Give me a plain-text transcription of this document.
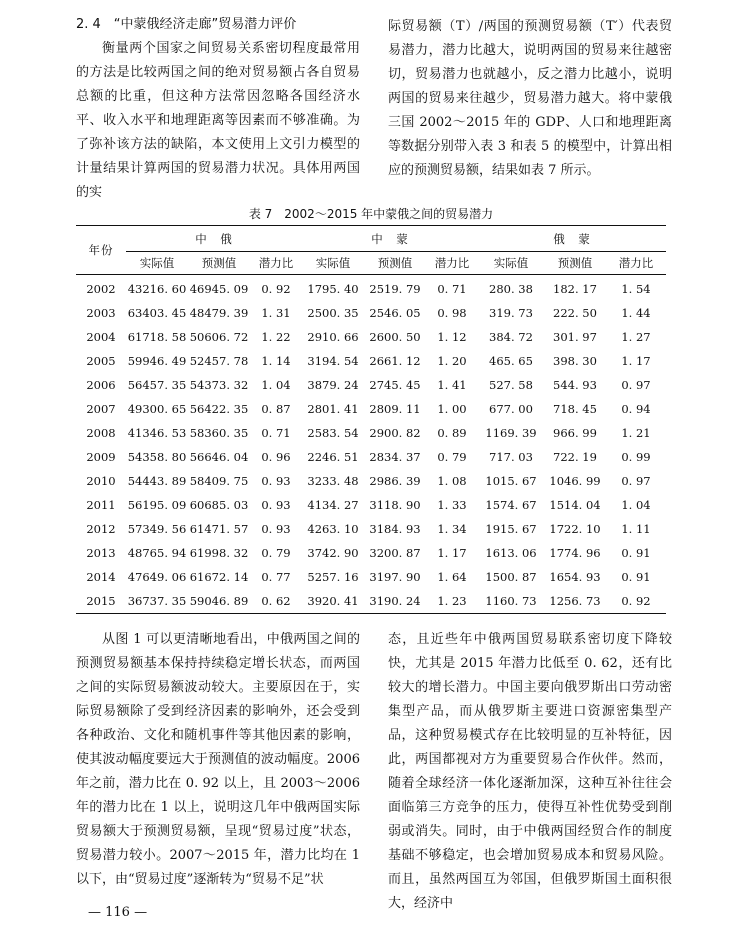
2. 4　“中蒙俄经济走廊”贸易潜力评价

衡量两个国家之间贸易关系密切程度最常用的方法是比较两国之间的绝对贸易额占各自贸易总额的比重，但这种方法常因忽略各国经济水平、收入水平和地理距离等因素而不够准确。为了弥补该方法的缺陷，本文使用上文引力模型的计量结果计算两国的贸易潜力状况。具体用两国的实

际贸易额（T）/两国的预测贸易额（T′）代表贸易潜力，潜力比越大，说明两国的贸易来往越密切，贸易潜力也就越小，反之潜力比越小，说明两国的贸易来往越少，贸易潜力越大。将中蒙俄三国 2002～2015 年的 GDP、人口和地理距离等数据分别带入表 3 和表 5 的模型中，计算出相应的预测贸易额，结果如表 7 所示。

表 7　2002～2015 年中蒙俄之间的贸易潜力
年份	中　俄			中　蒙			俄　蒙		
	实际值	预测值	潜力比	实际值	预测值	潜力比	实际值	预测值	潜力比
2002	43216. 60	46945. 09	0. 92	1795. 40	2519. 79	0. 71	280. 38	182. 17	1. 54
2003	63403. 45	48479. 39	1. 31	2500. 35	2546. 05	0. 98	319. 73	222. 50	1. 44
2004	61718. 58	50606. 72	1. 22	2910. 66	2600. 50	1. 12	384. 72	301. 97	1. 27
2005	59946. 49	52457. 78	1. 14	3194. 54	2661. 12	1. 20	465. 65	398. 30	1. 17
2006	56457. 35	54373. 32	1. 04	3879. 24	2745. 45	1. 41	527. 58	544. 93	0. 97
2007	49300. 65	56422. 35	0. 87	2801. 41	2809. 11	1. 00	677. 00	718. 45	0. 94
2008	41346. 53	58360. 35	0. 71	2583. 54	2900. 82	0. 89	1169. 39	966. 99	1. 21
2009	54358. 80	56646. 04	0. 96	2246. 51	2834. 37	0. 79	717. 03	722. 19	0. 99
2010	54443. 89	58409. 75	0. 93	3233. 48	2986. 39	1. 08	1015. 67	1046. 99	0. 97
2011	56195. 09	60685. 03	0. 93	4134. 27	3118. 90	1. 33	1574. 67	1514. 04	1. 04
2012	57349. 56	61471. 57	0. 93	4263. 10	3184. 93	1. 34	1915. 67	1722. 10	1. 11
2013	48765. 94	61998. 32	0. 79	3742. 90	3200. 87	1. 17	1613. 06	1774. 96	0. 91
2014	47649. 06	61672. 14	0. 77	5257. 16	3197. 90	1. 64	1500. 87	1654. 93	0. 91
2015	36737. 35	59046. 89	0. 62	3920. 41	3190. 24	1. 23	1160. 73	1256. 73	0. 92

从图 1 可以更清晰地看出，中俄两国之间的预测贸易额基本保持持续稳定增长状态，而两国之间的实际贸易额波动较大。主要原因在于，实际贸易额除了受到经济因素的影响外，还会受到各种政治、文化和随机事件等其他因素的影响，使其波动幅度要远大于预测值的波动幅度。2006 年之前，潜力比在 0. 92 以上，且 2003～2006 年的潜力比在 1 以上，说明这几年中俄两国实际贸易额大于预测贸易额，呈现“贸易过度”状态，贸易潜力较小。2007～2015 年，潜力比均在 1 以下，由“贸易过度”逐渐转为“贸易不足”状

态，且近些年中俄两国贸易联系密切度下降较快，尤其是 2015 年潜力比低至 0. 62，还有比较大的增长潜力。中国主要向俄罗斯出口劳动密集型产品，而从俄罗斯主要进口资源密集型产品，这种贸易模式存在比较明显的互补特征，因此，两国都视对方为重要贸易合作伙伴。然而，随着全球经济一体化逐渐加深，这种互补往往会面临第三方竞争的压力，使得互补性优势受到削弱或消失。同时，由于中俄两国经贸合作的制度基础不够稳定，也会增加贸易成本和贸易风险。而且，虽然两国互为邻国，但俄罗斯国土面积很大，经济中

— 116 —
